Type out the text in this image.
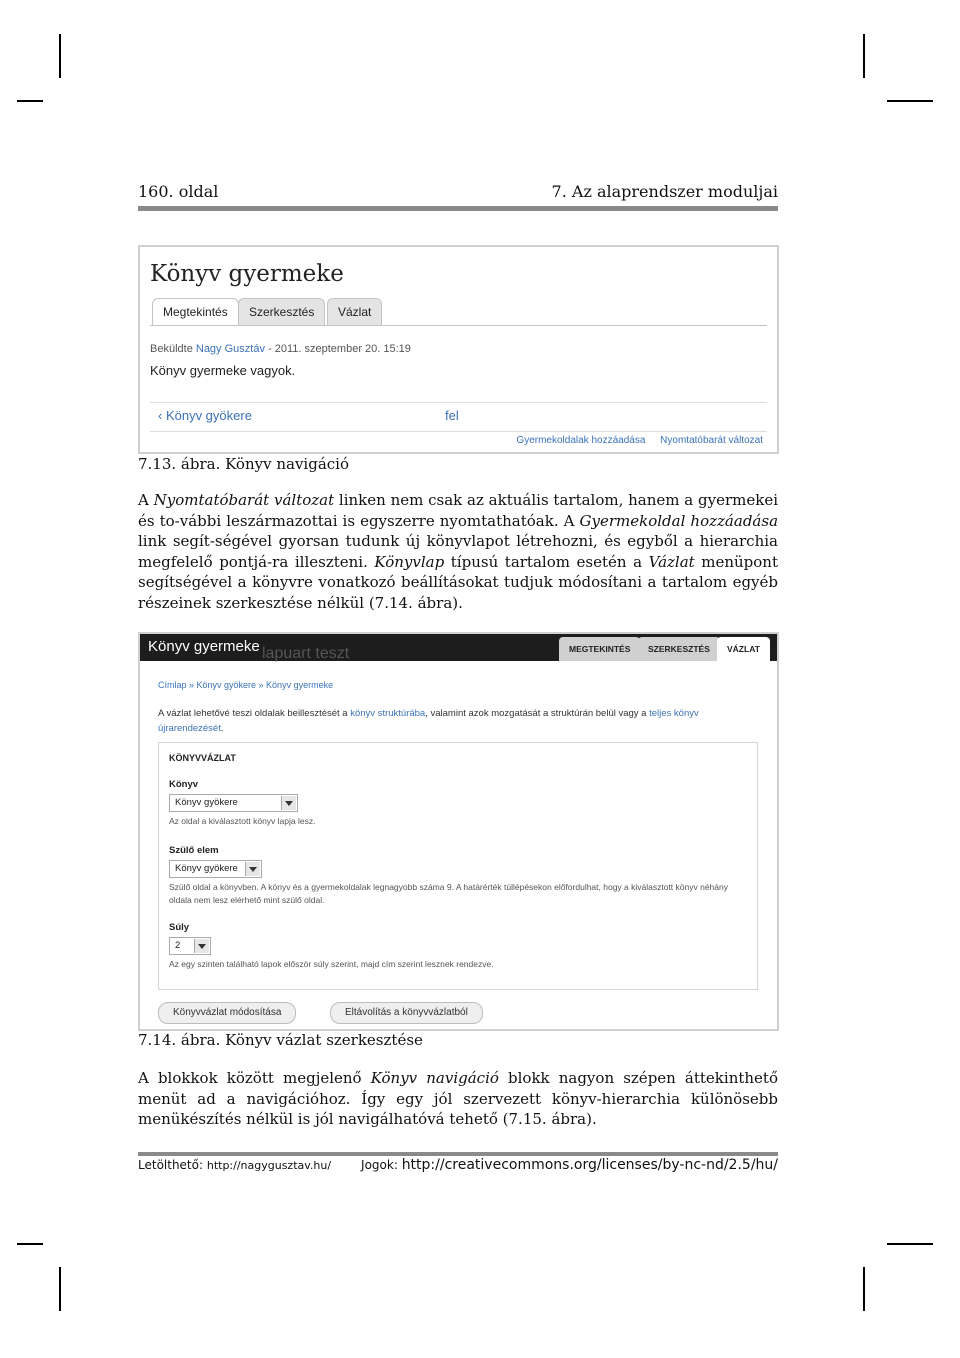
160. oldal	7. Az alaprendszer moduljai
Könyv gyermeke
Megtekintés	Szerkesztés	Vázlat
Beküldte Nagy Gusztáv - 2011. szeptember 20. 15:19
Könyv gyermeke vagyok.
‹ Könyv gyökere	fel
Gyermekoldalak hozzáadása Nyomtatóbarát változat
7.13. ábra. Könyv navigáció

A Nyomtatóbarát változat linken nem csak az aktuális tartalom, hanem a gyermekei és to-vábbi leszármazottai is egyszerre nyomtathatóak. A Gyermekoldal hozzáadása link segít-ségével gyorsan tudunk új könyvlapot létrehozni, és egyből a hierarchia megfelelő pontjá-ra illeszteni. Könyvlap típusú tartalom esetén a Vázlat menüpont segítségével a könyvre vonatkozó beállításokat tudjuk módosítani a tartalom egyéb részeinek szerkesztése nélkül (7.14. ábra).

lapuart teszt
Könyv gyermeke	MEGTEKINTÉS	SZERKESZTÉS	VÁZLAT
Címlap » Könyv gyökere » Könyv gyermeke
A vázlat lehetővé teszi oldalak beillesztését a könyv struktúrába, valamint azok mozgatását a struktúrán belül vagy a teljes könyv újrarendezését.
KÖNYVVÁZLAT
Könyv
Könyv gyökere
Az oldal a kiválasztott könyv lapja lesz.
Szülő elem
Könyv gyökere
Szülő oldal a könyvben. A könyv és a gyermekoldalak legnagyobb száma 9. A határérték túllépésekon előfordulhat, hogy a kiválasztott könyv néhány oldala nem lesz elérhető mint szülő oldal.
Súly
2
Az egy szinten található lapok először súly szerint, majd cím szerint lesznek rendezve.
Könyvvázlat módosítása	Eltávolítás a könyvvázlatból
7.14. ábra. Könyv vázlat szerkesztése

A blokkok között megjelenő Könyv navigáció blokk nagyon szépen áttekinthető menüt ad a navigációhoz. Így egy jól szervezett könyv-hierarchia különösebb menükészítés nélkül is jól navigálhatóvá tehető (7.15. ábra).

Letölthető: http://nagygusztav.hu/ Jogok: http://creativecommons.org/licenses/by-nc-nd/2.5/hu/
